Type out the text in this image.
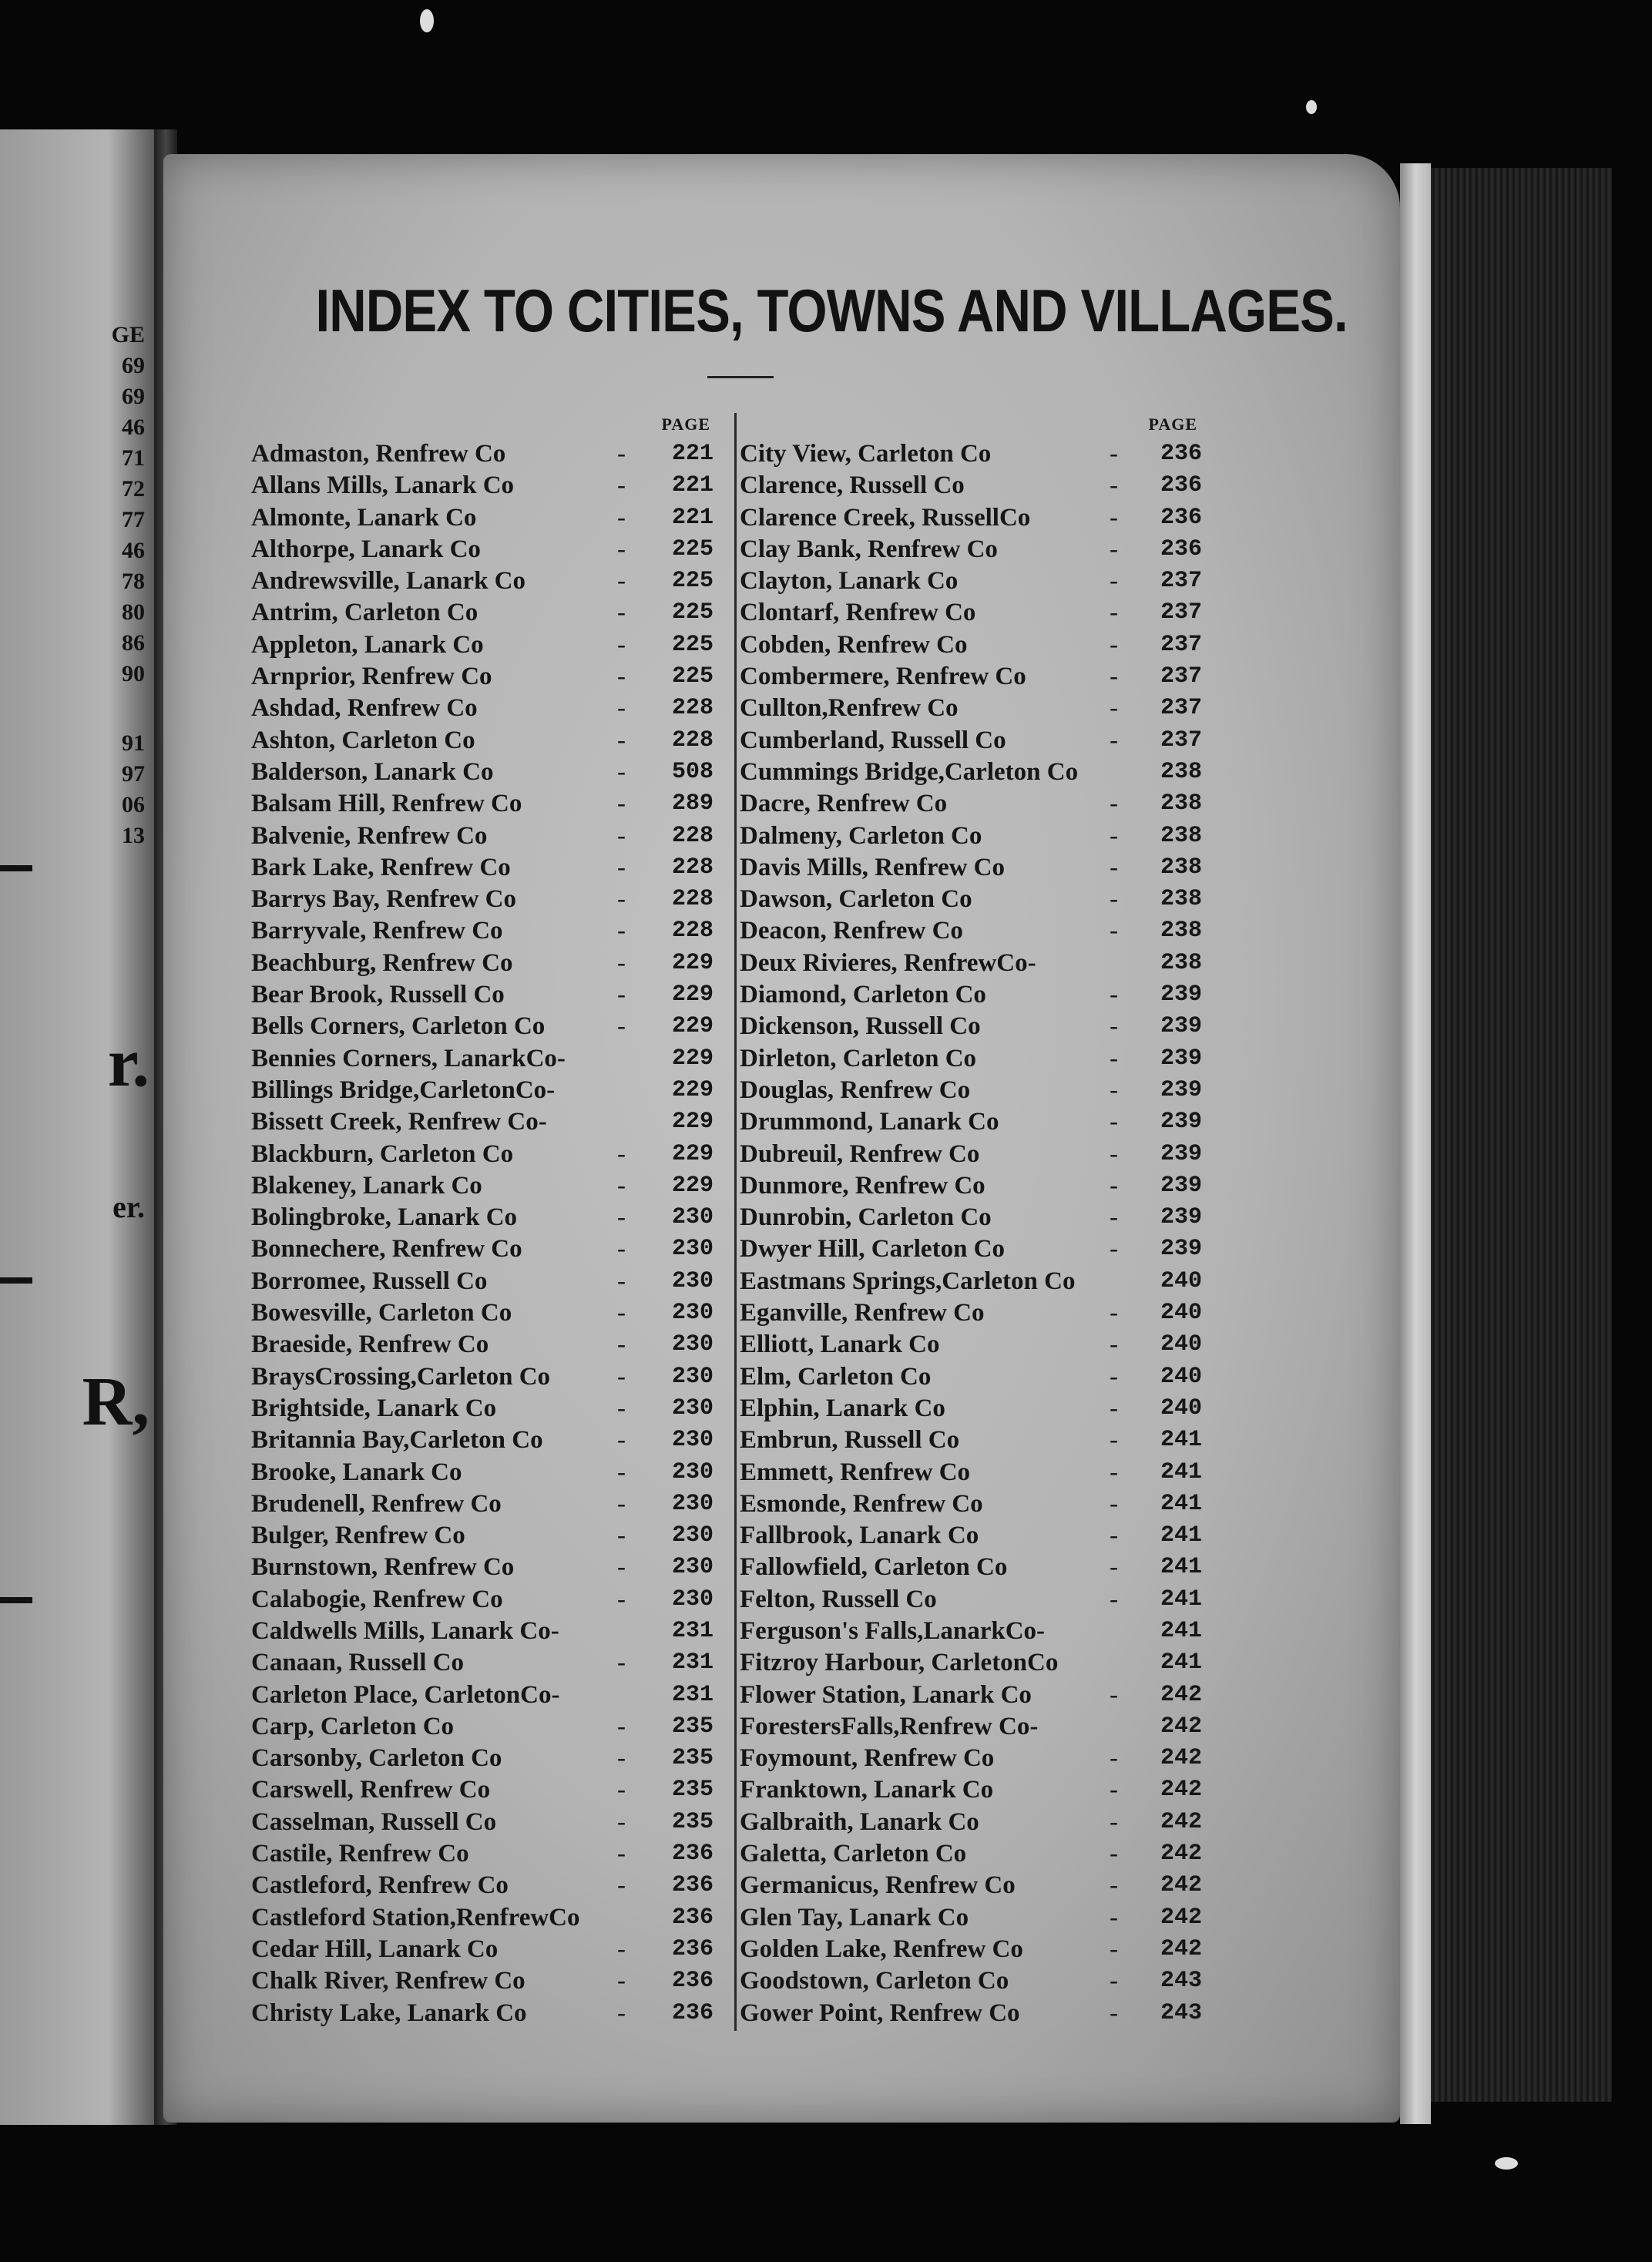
GE
69
69
46
71
72
77
46
78
80
86
90
91
97
06
13
r.
er.
R,
INDEX TO CITIES, TOWNS AND VILLAGES.
PAGE
Admaston, Renfrew Co	- 221
Allans Mills, Lanark Co	- 221
Almonte, Lanark Co	- 221
Althorpe, Lanark Co	- 225
Andrewsville, Lanark Co	- 225
Antrim, Carleton Co	- 225
Appleton, Lanark Co	- 225
Arnprior, Renfrew Co	- 225
Ashdad, Renfrew Co	- 228
Ashton, Carleton Co	- 228
Balderson, Lanark Co	- 508
Balsam Hill, Renfrew Co	- 289
Balvenie, Renfrew Co	- 228
Bark Lake, Renfrew Co	- 228
Barrys Bay, Renfrew Co	- 228
Barryvale, Renfrew Co	- 228
Beachburg, Renfrew Co	- 229
Bear Brook, Russell Co	- 229
Bells Corners, Carleton Co	- 229
Bennies Corners, LanarkCo-	229
Billings Bridge,CarletonCo-	229
Bissett Creek, Renfrew Co-	229
Blackburn, Carleton Co	- 229
Blakeney, Lanark Co	- 229
Bolingbroke, Lanark Co	- 230
Bonnechere, Renfrew Co	- 230
Borromee, Russell Co	- 230
Bowesville, Carleton Co	- 230
Braeside, Renfrew Co	- 230
BraysCrossing,Carleton Co	- 230
Brightside, Lanark Co	- 230
Britannia Bay,Carleton Co	- 230
Brooke, Lanark Co	- 230
Brudenell, Renfrew Co	- 230
Bulger, Renfrew Co	- 230
Burnstown, Renfrew Co	- 230
Calabogie, Renfrew Co	- 230
Caldwells Mills, Lanark Co-	231
Canaan, Russell Co	- 231
Carleton Place, CarletonCo-	231
Carp, Carleton Co	- 235
Carsonby, Carleton Co	- 235
Carswell, Renfrew Co	- 235
Casselman, Russell Co	- 235
Castile, Renfrew Co	- 236
Castleford, Renfrew Co	- 236
Castleford Station,RenfrewCo	236
Cedar Hill, Lanark Co	- 236
Chalk River, Renfrew Co	- 236
Christy Lake, Lanark Co	- 236
PAGE
City View, Carleton Co	- 236
Clarence, Russell Co	- 236
Clarence Creek, RussellCo	- 236
Clay Bank, Renfrew Co	- 236
Clayton, Lanark Co	- 237
Clontarf, Renfrew Co	- 237
Cobden, Renfrew Co	- 237
Combermere, Renfrew Co	- 237
Cullton,Renfrew Co	- 237
Cumberland, Russell Co	- 237
Cummings Bridge,Carleton Co	238
Dacre, Renfrew Co	- 238
Dalmeny, Carleton Co	- 238
Davis Mills, Renfrew Co	- 238
Dawson, Carleton Co	- 238
Deacon, Renfrew Co	- 238
Deux Rivieres, RenfrewCo-	238
Diamond, Carleton Co	- 239
Dickenson, Russell Co	- 239
Dirleton, Carleton Co	- 239
Douglas, Renfrew Co	- 239
Drummond, Lanark Co	- 239
Dubreuil, Renfrew Co	- 239
Dunmore, Renfrew Co	- 239
Dunrobin, Carleton Co	- 239
Dwyer Hill, Carleton Co	- 239
Eastmans Springs,Carleton Co	240
Eganville, Renfrew Co	- 240
Elliott, Lanark Co	- 240
Elm, Carleton Co	- 240
Elphin, Lanark Co	- 240
Embrun, Russell Co	- 241
Emmett, Renfrew Co	- 241
Esmonde, Renfrew Co	- 241
Fallbrook, Lanark Co	- 241
Fallowfield, Carleton Co	- 241
Felton, Russell Co	- 241
Ferguson's Falls,LanarkCo-	241
Fitzroy Harbour, CarletonCo	241
Flower Station, Lanark Co	- 242
ForestersFalls,Renfrew Co-	242
Foymount, Renfrew Co	- 242
Franktown, Lanark Co	- 242
Galbraith, Lanark Co	- 242
Galetta, Carleton Co	- 242
Germanicus, Renfrew Co	- 242
Glen Tay, Lanark Co	- 242
Golden Lake, Renfrew Co	- 242
Goodstown, Carleton Co	- 243
Gower Point, Renfrew Co	- 243
